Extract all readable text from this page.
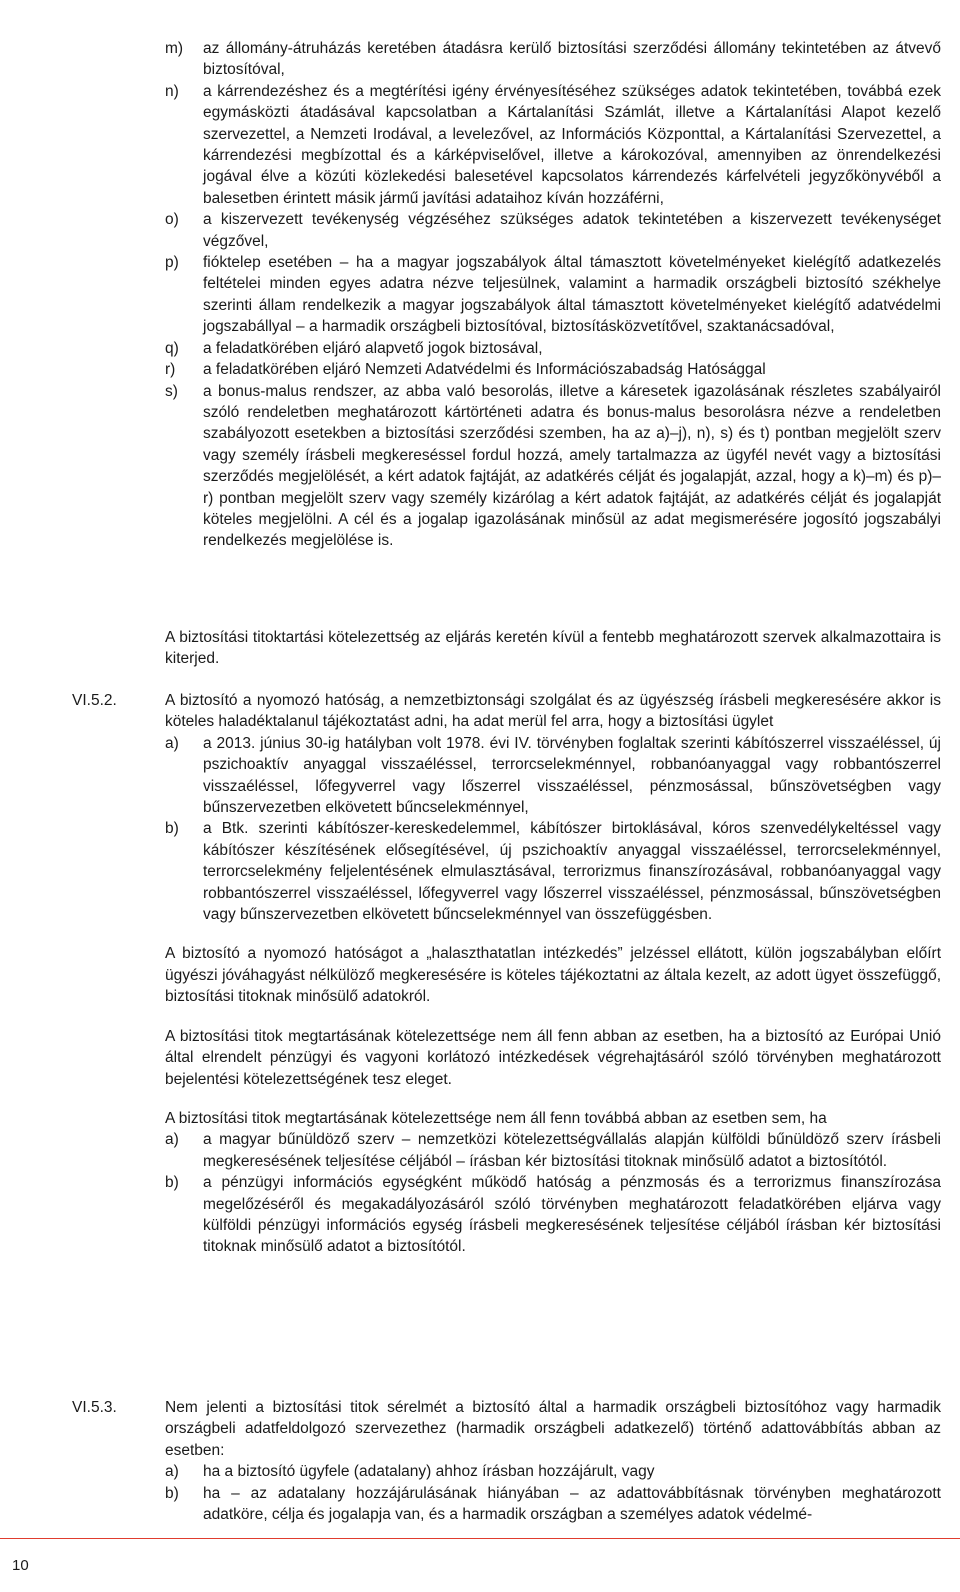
m) az állomány-átruházás keretében átadásra kerülő biztosítási szerződési állomány tekintetében az átvevő biztosítóval,
n) a kárrendezéshez és a megtérítési igény érvényesítéséhez szükséges adatok tekintetében, továbbá ezek egymásközti átadásával kapcsolatban a Kártalanítási Számlát, illetve a Kártalanítási Alapot kezelő szervezettel, a Nemzeti Irodával, a levelezővel, az Információs Központtal, a Kártalanítási Szervezettel, a kárrendezési megbízottal és a kárképviselővel, illetve a károkozóval, amennyiben az önrendelkezési jogával élve a közúti közlekedési balesetével kapcsolatos kárrendezés kárfelvételi jegyzőkönyvéből a balesetben érintett másik jármű javítási adataihoz kíván hozzáférni,
o) a kiszervezett tevékenység végzéséhez szükséges adatok tekintetében a kiszervezett tevékenységet végzővel,
p) fióktelep esetében – ha a magyar jogszabályok által támasztott követelményeket kielégítő adatkezelés feltételei minden egyes adatra nézve teljesülnek, valamint a harmadik országbeli biztosító székhelye szerinti állam rendelkezik a magyar jogszabályok által támasztott követelményeket kielégítő adatvédelmi jogszabállyal – a harmadik országbeli biztosítóval, biztosításközvetítővel, szaktanácsadóval,
q) a feladatkörében eljáró alapvető jogok biztosával,
r) a feladatkörében eljáró Nemzeti Adatvédelmi és Információszabadság Hatósággal
s) a bonus-malus rendszer, az abba való besorolás, illetve a káresetek igazolásának részletes szabályairól szóló rendeletben meghatározott kártörténeti adatra és bonus-malus besorolásra nézve a rendeletben szabályozott esetekben a biztosítási szerződési szemben, ha az a)–j), n), s) és t) pontban megjelölt szerv vagy személy írásbeli megkereséssel fordul hozzá, amely tartalmazza az ügyfél nevét vagy a biztosítási szerződés megjelölését, a kért adatok fajtáját, az adatkérés célját és jogalapját, azzal, hogy a k)–m) és p)–r) pontban megjelölt szerv vagy személy kizárólag a kért adatok fajtáját, az adatkérés célját és jogalapját köteles megjelölni. A cél és a jogalap igazolásának minősül az adat megismerésére jogosító jogszabályi rendelkezés megjelölése is.
A biztosítási titoktartási kötelezettség az eljárás keretén kívül a fentebb meghatározott szervek alkalmazottaira is kiterjed.
VI.5.2.	A biztosító a nyomozó hatóság, a nemzetbiztonsági szolgálat és az ügyészség írásbeli megkeresésére akkor is köteles haladéktalanul tájékoztatást adni, ha adat merül fel arra, hogy a biztosítási ügylet
a) a 2013. június 30-ig hatályban volt 1978. évi IV. törvényben foglaltak szerinti kábítószerrel visszaéléssel, új pszichoaktív anyaggal visszaéléssel, terrorcselekménnyel, robbanóanyaggal vagy robbantószerrel visszaéléssel, lőfegyverrel vagy lőszerrel visszaéléssel, pénzmosással, bűnszövetségben vagy bűnszervezetben elkövetett bűncselekménnyel,
b) a Btk. szerinti kábítószer-kereskedelemmel, kábítószer birtoklásával, kóros szenvedélykeltéssel vagy kábítószer készítésének elősegítésével, új pszichoaktív anyaggal visszaéléssel, terrorcselekménnyel, terrorcselekmény feljelentésének elmulasztásával, terrorizmus finanszírozásával, robbanóanyaggal vagy robbantószerrel visszaéléssel, lőfegyverrel vagy lőszerrel visszaéléssel, pénzmosással, bűnszövetségben vagy bűnszervezetben elkövetett bűncselekménnyel van összefüggésben.
A biztosító a nyomozó hatóságot a „halaszthatatlan intézkedés” jelzéssel ellátott, külön jogszabályban előírt ügyészi jóváhagyást nélkülöző megkeresésére is köteles tájékoztatni az általa kezelt, az adott ügyet összefüggő, biztosítási titoknak minősülő adatokról.
A biztosítási titok megtartásának kötelezettsége nem áll fenn abban az esetben, ha a biztosító az Európai Unió által elrendelt pénzügyi és vagyoni korlátozó intézkedések végrehajtásáról szóló törvényben meghatározott bejelentési kötelezettségének tesz eleget.
A biztosítási titok megtartásának kötelezettsége nem áll fenn továbbá abban az esetben sem, ha
a) a magyar bűnüldöző szerv – nemzetközi kötelezettségvállalás alapján külföldi bűnüldöző szerv írásbeli megkeresésének teljesítése céljából – írásban kér biztosítási titoknak minősülő adatot a biztosítótól.
b) a pénzügyi információs egységként működő hatóság a pénzmosás és a terrorizmus finanszírozása megelőzéséről és megakadályozásáról szóló törvényben meghatározott feladatkörében eljárva vagy külföldi pénzügyi információs egység írásbeli megkeresésének teljesítése céljából írásban kér biztosítási titoknak minősülő adatot a biztosítótól.
VI.5.3.	Nem jelenti a biztosítási titok sérelmét a biztosító által a harmadik országbeli biztosítóhoz vagy harmadik országbeli adatfeldolgozó szervezethez (harmadik országbeli adatkezelő) történő adattovábbítás abban az esetben:
a) ha a biztosító ügyfele (adatalany) ahhoz írásban hozzájárult, vagy
b) ha – az adatalany hozzájárulásának hiányában – az adattovábbításnak törvényben meghatározott adatköre, célja és jogalapja van, és a harmadik országban a személyes adatok védelmé-
10
